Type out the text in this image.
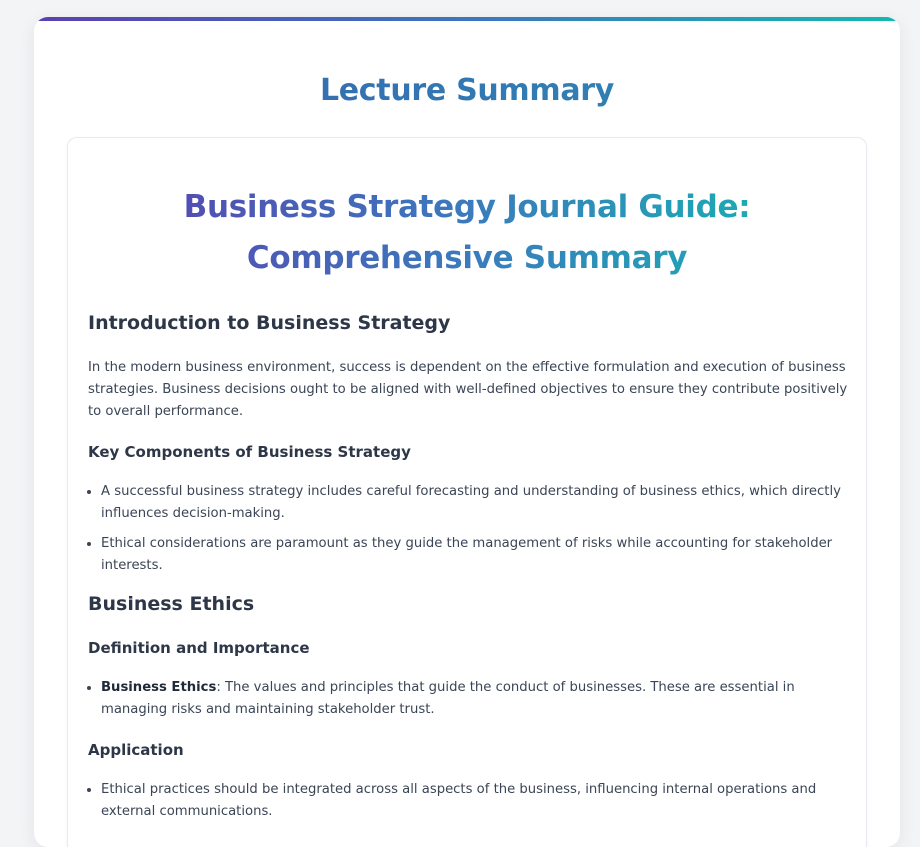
Lecture Summary
Business Strategy Journal Guide: Comprehensive Summary
Introduction to Business Strategy

In the modern business environment, success is dependent on the effective formulation and execution of business strategies. Business decisions ought to be aligned with well-defined objectives to ensure they contribute positively to overall performance.

Key Components of Business Strategy
• A successful business strategy includes careful forecasting and understanding of business ethics, which directly influences decision-making.
• Ethical considerations are paramount as they guide the management of risks while accounting for stakeholder interests.
Business Ethics
Definition and Importance
• Business Ethics: The values and principles that guide the conduct of businesses. These are essential in managing risks and maintaining stakeholder trust.
Application
• Ethical practices should be integrated across all aspects of the business, influencing internal operations and external communications.
